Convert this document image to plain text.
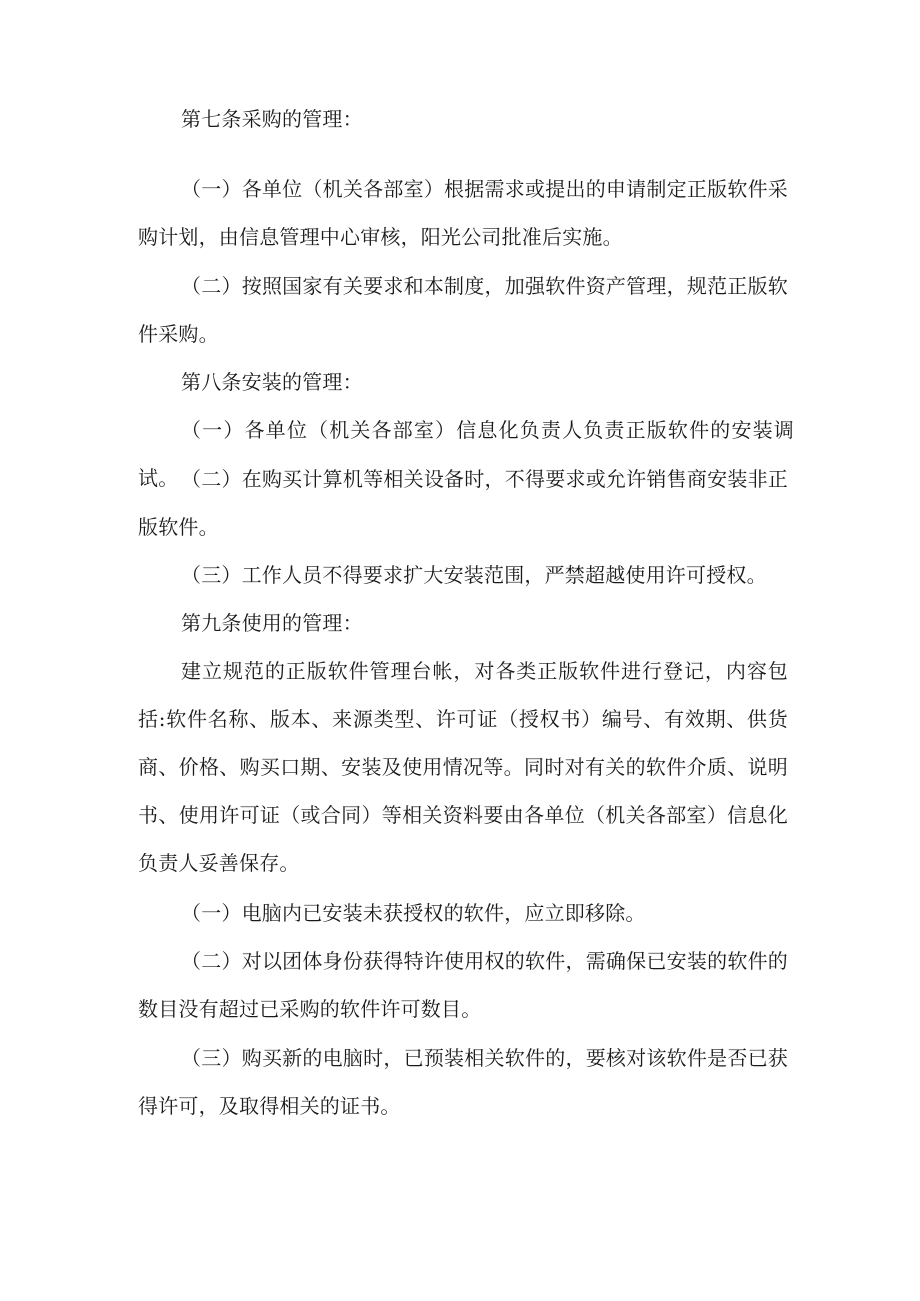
第七条采购的管理：

（一）各单位（机关各部室）根据需求或提出的申请制定正版软件采购计划，由信息管理中心审核，阳光公司批准后实施。

（二）按照国家有关要求和本制度，加强软件资产管理，规范正版软件采购。

第八条安装的管理：

（一）各单位（机关各部室）信息化负责人负责正版软件的安装调试。 （二）在购买计算机等相关设备时，不得要求或允许销售商安装非正版软件。

（三）工作人员不得要求扩大安装范围，严禁超越使用许可授权。

第九条使用的管理：

建立规范的正版软件管理台帐，对各类正版软件进行登记，内容包括:软件名称、版本、来源类型、许可证（授权书）编号、有效期、供货商、价格、购买口期、安装及使用情况等。同时对有关的软件介质、说明书、使用许可证（或合同）等相关资料要由各单位（机关各部室）信息化负责人妥善保存。

（一）电脑内已安装未获授权的软件，应立即移除。

（二）对以团体身份获得特许使用权的软件，需确保已安装的软件的数目没有超过已采购的软件许可数目。

（三）购买新的电脑时，已预装相关软件的，要核对该软件是否已获得许可，及取得相关的证书。
